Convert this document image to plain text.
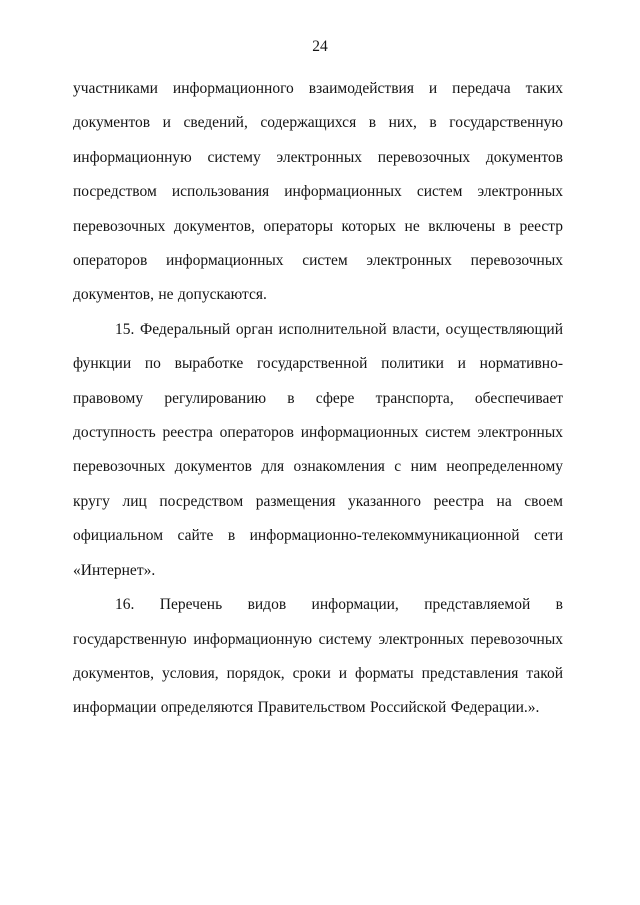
24

участниками информационного взаимодействия и передача таких документов и сведений, содержащихся в них, в государственную информационную систему электронных перевозочных документов посредством использования информационных систем электронных перевозочных документов, операторы которых не включены в реестр операторов информационных систем электронных перевозочных документов, не допускаются.

15. Федеральный орган исполнительной власти, осуществляющий функции по выработке государственной политики и нормативно-правовому регулированию в сфере транспорта, обеспечивает доступность реестра операторов информационных систем электронных перевозочных документов для ознакомления с ним неопределенному кругу лиц посредством размещения указанного реестра на своем официальном сайте в информационно-телекоммуникационной сети «Интернет».

16. Перечень видов информации, представляемой в государственную информационную систему электронных перевозочных документов, условия, порядок, сроки и форматы представления такой информации определяются Правительством Российской Федерации.».
